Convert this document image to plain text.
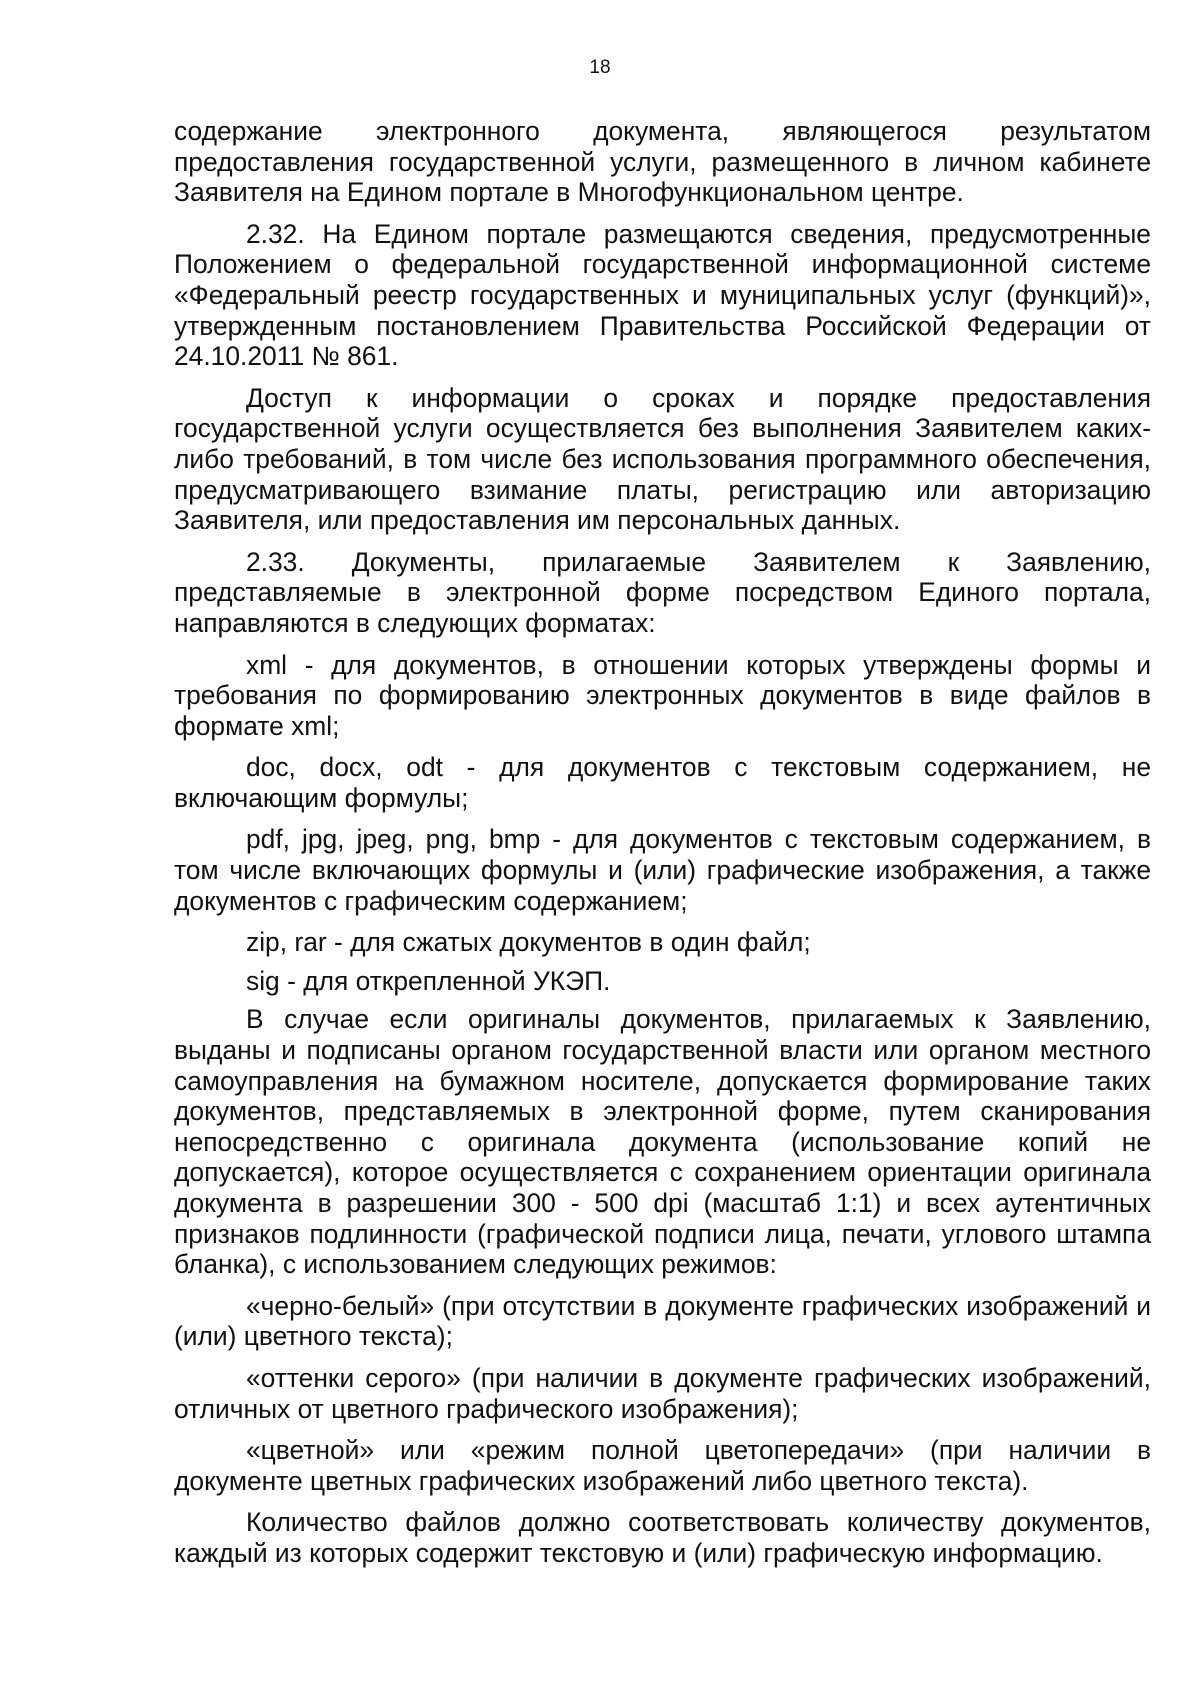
18

содержание электронного документа, являющегося результатом предоставления государственной услуги, размещенного в личном кабинете Заявителя на Едином портале в Многофункциональном центре.

2.32. На Едином портале размещаются сведения, предусмотренные Положением о федеральной государственной информационной системе «Федеральный реестр государственных и муниципальных услуг (функций)», утвержденным постановлением Правительства Российской Федерации от 24.10.2011 № 861.

Доступ к информации о сроках и порядке предоставления государственной услуги осуществляется без выполнения Заявителем каких-либо требований, в том числе без использования программного обеспечения, предусматривающего взимание платы, регистрацию или авторизацию Заявителя, или предоставления им персональных данных.

2.33. Документы, прилагаемые Заявителем к Заявлению, представляемые в электронной форме посредством Единого портала, направляются в следующих форматах:

xml - для документов, в отношении которых утверждены формы и требования по формированию электронных документов в виде файлов в формате xml;

doc, docx, odt - для документов с текстовым содержанием, не включающим формулы;

pdf, jpg, jpeg, png, bmp - для документов с текстовым содержанием, в том числе включающих формулы и (или) графические изображения, а также документов с графическим содержанием;

zip, rar - для сжатых документов в один файл;

sig - для открепленной УКЭП.

В случае если оригиналы документов, прилагаемых к Заявлению, выданы и подписаны органом государственной власти или органом местного самоуправления на бумажном носителе, допускается формирование таких документов, представляемых в электронной форме, путем сканирования непосредственно с оригинала документа (использование копий не допускается), которое осуществляется с сохранением ориентации оригинала документа в разрешении 300 - 500 dpi (масштаб 1:1) и всех аутентичных признаков подлинности (графической подписи лица, печати, углового штампа бланка), с использованием следующих режимов:

«черно-белый» (при отсутствии в документе графических изображений и (или) цветного текста);

«оттенки серого» (при наличии в документе графических изображений, отличных от цветного графического изображения);

«цветной» или «режим полной цветопередачи» (при наличии в документе цветных графических изображений либо цветного текста).

Количество файлов должно соответствовать количеству документов, каждый из которых содержит текстовую и (или) графическую информацию.
